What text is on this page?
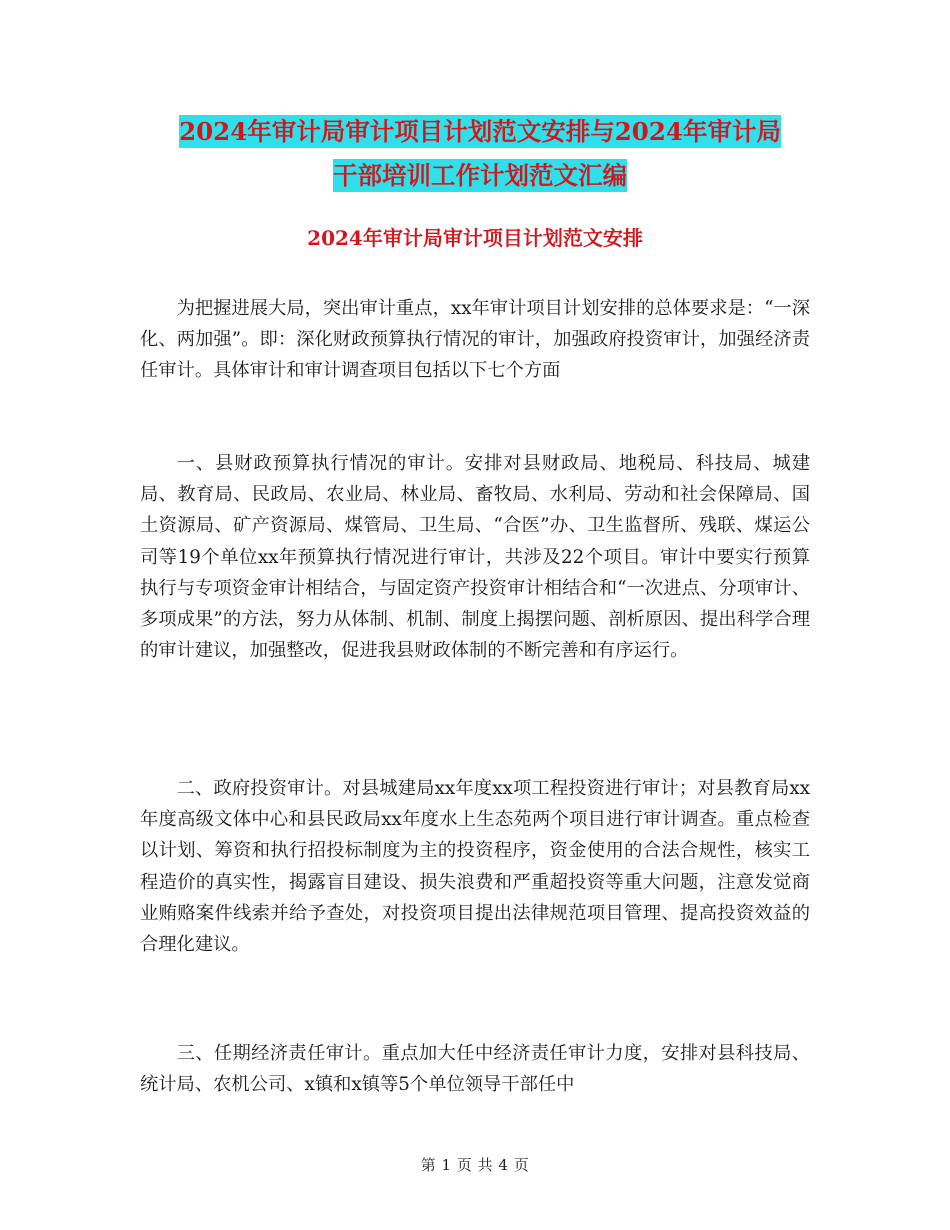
2024年审计局审计项目计划范文安排与2024年审计局
干部培训工作计划范文汇编
2024年审计局审计项目计划范文安排

为把握进展大局，突出审计重点，xx年审计项目计划安排的总体要求是：“一深化、两加强”。即：深化财政预算执行情况的审计，加强政府投资审计，加强经济责任审计。具体审计和审计调查项目包括以下七个方面

一、县财政预算执行情况的审计。安排对县财政局、地税局、科技局、城建局、教育局、民政局、农业局、林业局、畜牧局、水利局、劳动和社会保障局、国土资源局、矿产资源局、煤管局、卫生局、“合医”办、卫生监督所、残联、煤运公司等19个单位xx年预算执行情况进行审计，共涉及22个项目。审计中要实行预算执行与专项资金审计相结合，与固定资产投资审计相结合和“一次进点、分项审计、多项成果”的方法，努力从体制、机制、制度上揭摆问题、剖析原因、提出科学合理的审计建议，加强整改，促进我县财政体制的不断完善和有序运行。

二、政府投资审计。对县城建局xx年度xx项工程投资进行审计；对县教育局xx年度高级文体中心和县民政局xx年度水上生态苑两个项目进行审计调查。重点检查以计划、筹资和执行招投标制度为主的投资程序，资金使用的合法合规性，核实工程造价的真实性，揭露盲目建设、损失浪费和严重超投资等重大问题，注意发觉商业贿赂案件线索并给予查处，对投资项目提出法律规范项目管理、提高投资效益的合理化建议。

三、任期经济责任审计。重点加大任中经济责任审计力度，安排对县科技局、统计局、农机公司、x镇和x镇等5个单位领导干部任中

第 1 页 共 4 页
